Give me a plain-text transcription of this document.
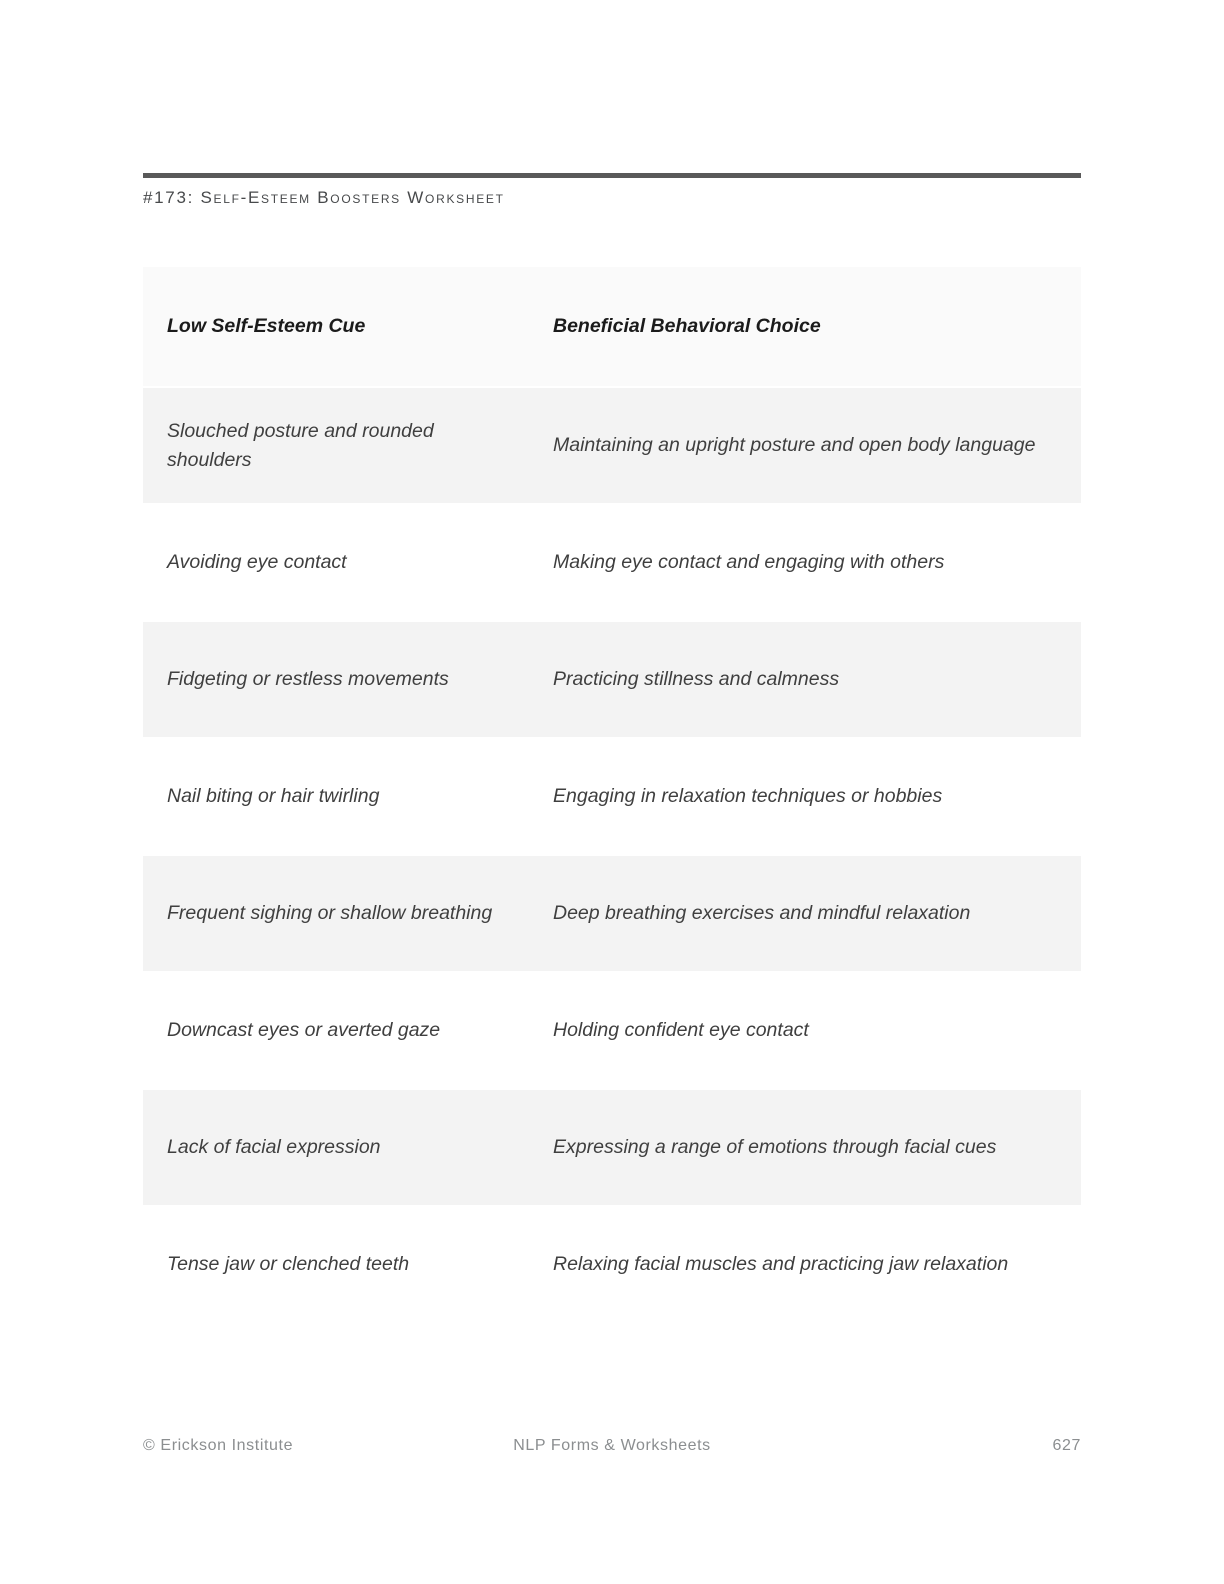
#173: Self-Esteem Boosters Worksheet
Low Self-Esteem Cue	Beneficial Behavioral Choice
Slouched posture and rounded shoulders	Maintaining an upright posture and open body language
Avoiding eye contact	Making eye contact and engaging with others
Fidgeting or restless movements	Practicing stillness and calmness
Nail biting or hair twirling	Engaging in relaxation techniques or hobbies
Frequent sighing or shallow breathing	Deep breathing exercises and mindful relaxation
Downcast eyes or averted gaze	Holding confident eye contact
Lack of facial expression	Expressing a range of emotions through facial cues
Tense jaw or clenched teeth	Relaxing facial muscles and practicing jaw relaxation
© Erickson Institute	NLP Forms & Worksheets	627
